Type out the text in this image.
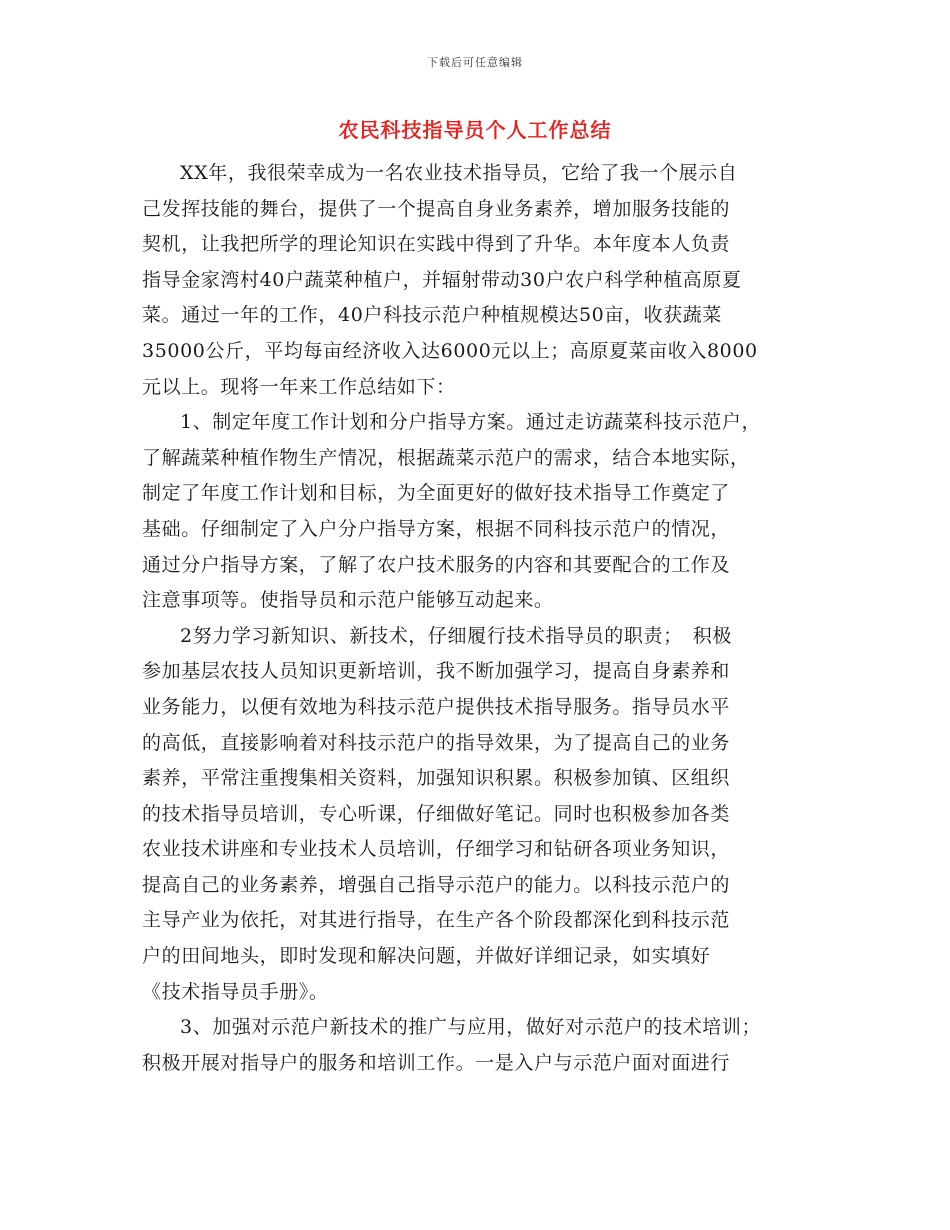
下载后可任意编辑
农民科技指导员个人工作总结
XX年，我很荣幸成为一名农业技术指导员，它给了我一个展示自
己发挥技能的舞台，提供了一个提高自身业务素养，增加服务技能的
契机，让我把所学的理论知识在实践中得到了升华。本年度本人负责
指导金家湾村40户蔬菜种植户，并辐射带动30户农户科学种植高原夏
菜。通过一年的工作，40户科技示范户种植规模达50亩，收获蔬菜
35000公斤，平均每亩经济收入达6000元以上；高原夏菜亩收入8000
元以上。现将一年来工作总结如下：
1、制定年度工作计划和分户指导方案。通过走访蔬菜科技示范户，
了解蔬菜种植作物生产情况，根据蔬菜示范户的需求，结合本地实际，
制定了年度工作计划和目标，为全面更好的做好技术指导工作奠定了
基础。仔细制定了入户分户指导方案，根据不同科技示范户的情况，
通过分户指导方案，了解了农户技术服务的内容和其要配合的工作及
注意事项等。使指导员和示范户能够互动起来。
2努力学习新知识、新技术，仔细履行技术指导员的职责；　积极
参加基层农技人员知识更新培训，我不断加强学习，提高自身素养和
业务能力，以便有效地为科技示范户提供技术指导服务。指导员水平
的高低，直接影响着对科技示范户的指导效果，为了提高自己的业务
素养，平常注重搜集相关资料，加强知识积累。积极参加镇、区组织
的技术指导员培训，专心听课，仔细做好笔记。同时也积极参加各类
农业技术讲座和专业技术人员培训，仔细学习和钻研各项业务知识，
提高自己的业务素养，增强自己指导示范户的能力。以科技示范户的
主导产业为依托，对其进行指导，在生产各个阶段都深化到科技示范
户的田间地头，即时发现和解决问题，并做好详细记录，如实填好
《技术指导员手册》。
3、加强对示范户新技术的推广与应用，做好对示范户的技术培训；
积极开展对指导户的服务和培训工作。一是入户与示范户面对面进行
